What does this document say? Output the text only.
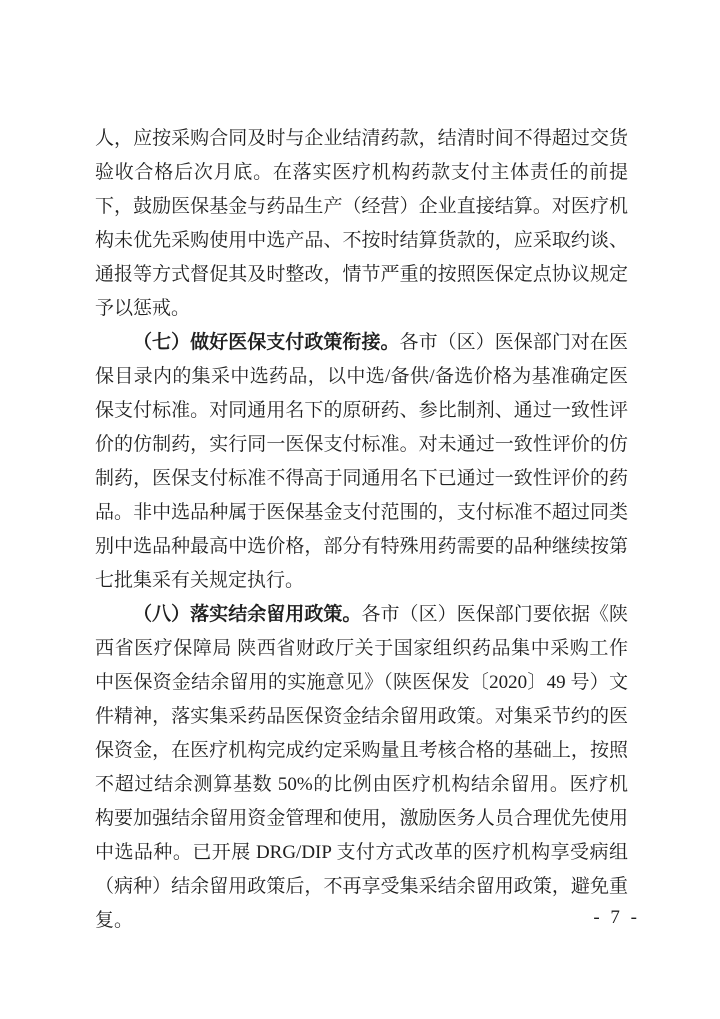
人，应按采购合同及时与企业结清药款，结清时间不得超过交货验收合格后次月底。在落实医疗机构药款支付主体责任的前提下，鼓励医保基金与药品生产（经营）企业直接结算。对医疗机构未优先采购使用中选产品、不按时结算货款的，应采取约谈、通报等方式督促其及时整改，情节严重的按照医保定点协议规定予以惩戒。

（七）做好医保支付政策衔接。各市（区）医保部门对在医保目录内的集采中选药品，以中选/备供/备选价格为基准确定医保支付标准。对同通用名下的原研药、参比制剂、通过一致性评价的仿制药，实行同一医保支付标准。对未通过一致性评价的仿制药，医保支付标准不得高于同通用名下已通过一致性评价的药品。非中选品种属于医保基金支付范围的，支付标准不超过同类别中选品种最高中选价格，部分有特殊用药需要的品种继续按第七批集采有关规定执行。

（八）落实结余留用政策。各市（区）医保部门要依据《陕西省医疗保障局 陕西省财政厅关于国家组织药品集中采购工作中医保资金结余留用的实施意见》（陕医保发〔2020〕49 号）文件精神，落实集采药品医保资金结余留用政策。对集采节约的医保资金，在医疗机构完成约定采购量且考核合格的基础上，按照不超过结余测算基数 50%的比例由医疗机构结余留用。医疗机构要加强结余留用资金管理和使用，激励医务人员合理优先使用中选品种。已开展 DRG/DIP 支付方式改革的医疗机构享受病组（病种）结余留用政策后，不再享受集采结余留用政策，避免重复。	- 7 -
